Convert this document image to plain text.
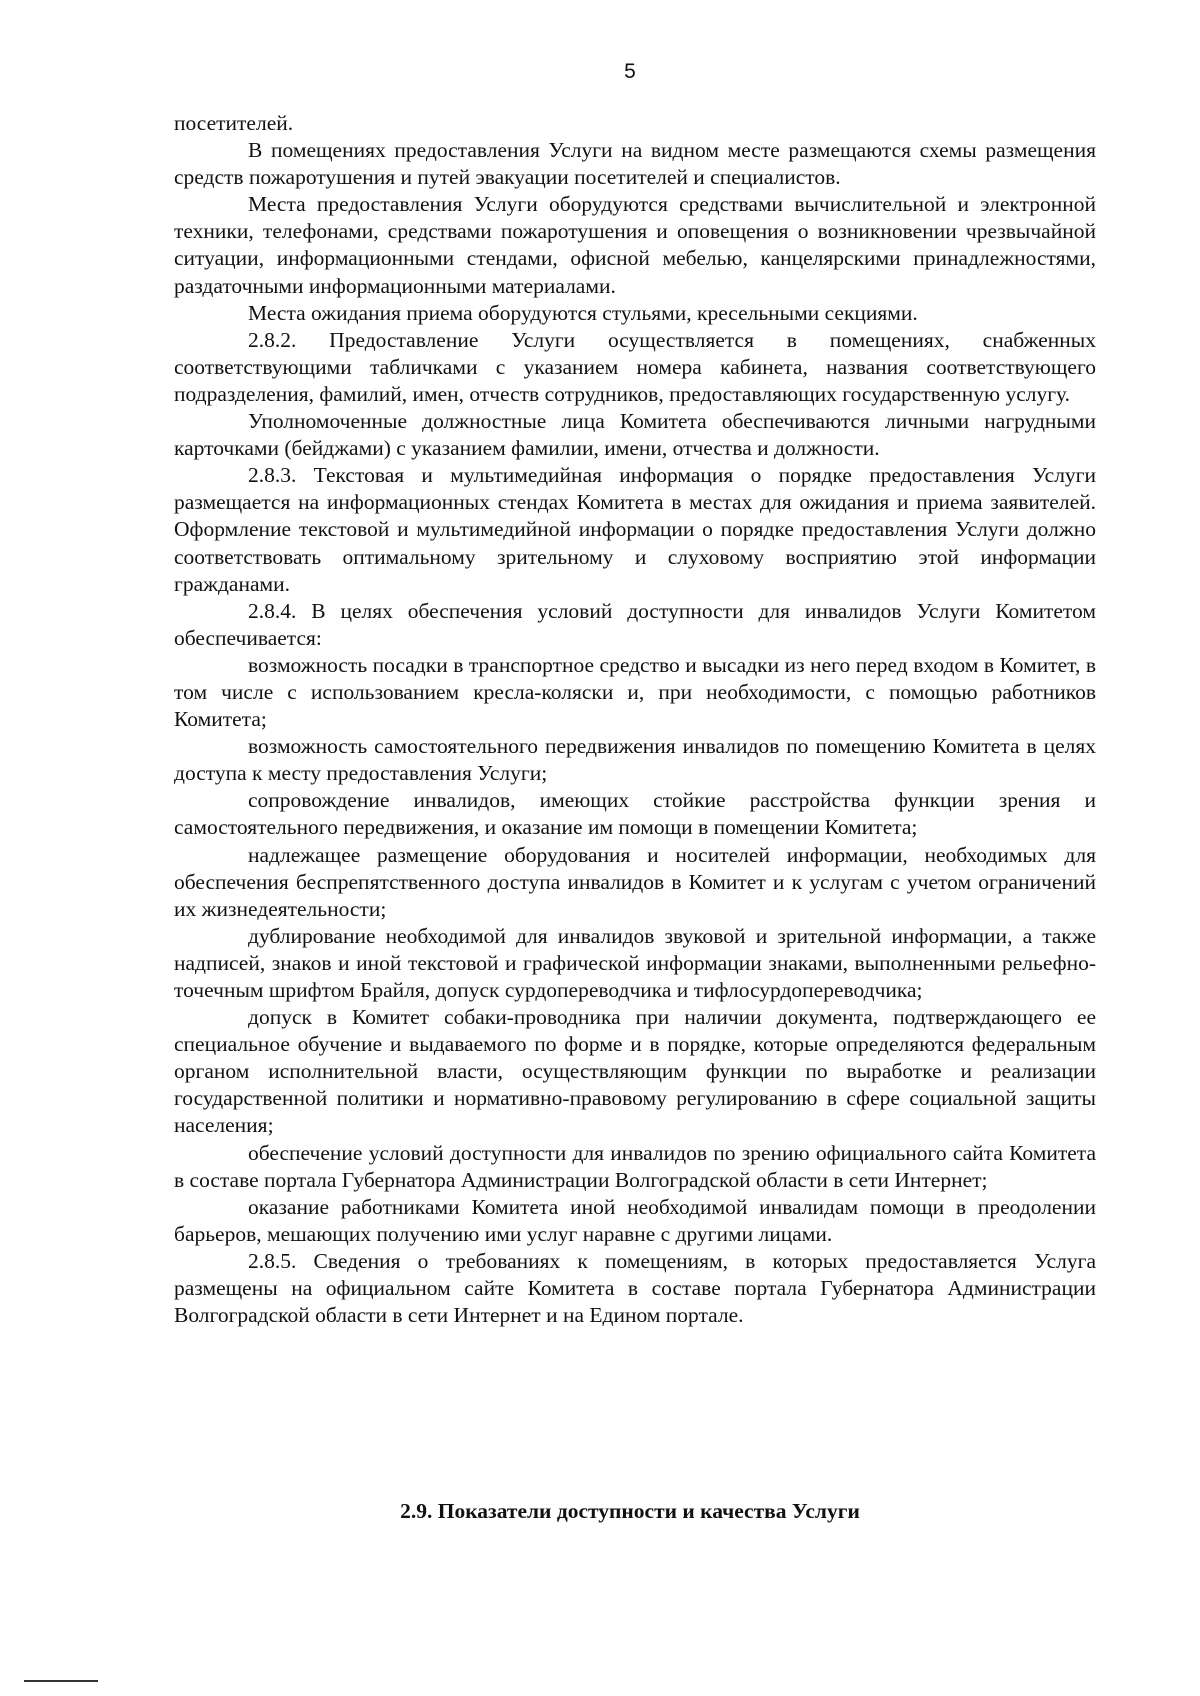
5

посетителей.

В помещениях предоставления Услуги на видном месте размещаются схемы размещения средств пожаротушения и путей эвакуации посетителей и специалистов.

Места предоставления Услуги оборудуются средствами вычислительной и электронной техники, телефонами, средствами пожаротушения и оповещения о возникновении чрезвычайной ситуации, информационными стендами, офисной мебелью, канцелярскими принадлежностями, раздаточными информационными материалами.

Места ожидания приема оборудуются стульями, кресельными секциями.

2.8.2. Предоставление Услуги осуществляется в помещениях, снабженных соответствующими табличками с указанием номера кабинета, названия соответствующего подразделения, фамилий, имен, отчеств сотрудников, предоставляющих государственную услугу.

Уполномоченные должностные лица Комитета обеспечиваются личными нагрудными карточками (бейджами) с указанием фамилии, имени, отчества и должности.

2.8.3. Текстовая и мультимедийная информация о порядке предоставления Услуги размещается на информационных стендах Комитета в местах для ожидания и приема заявителей. Оформление текстовой и мультимедийной информации о порядке предоставления Услуги должно соответствовать оптимальному зрительному и слуховому восприятию этой информации гражданами.

2.8.4. В целях обеспечения условий доступности для инвалидов Услуги Комитетом обеспечивается:

возможность посадки в транспортное средство и высадки из него перед входом в Комитет, в том числе с использованием кресла-коляски и, при необходимости, с помощью работников Комитета;

возможность самостоятельного передвижения инвалидов по помещению Комитета в целях доступа к месту предоставления Услуги;

сопровождение инвалидов, имеющих стойкие расстройства функции зрения и самостоятельного передвижения, и оказание им помощи в помещении Комитета;

надлежащее размещение оборудования и носителей информации, необходимых для обеспечения беспрепятственного доступа инвалидов в Комитет и к услугам с учетом ограничений их жизнедеятельности;

дублирование необходимой для инвалидов звуковой и зрительной информации, а также надписей, знаков и иной текстовой и графической информации знаками, выполненными рельефно-точечным шрифтом Брайля, допуск сурдопереводчика и тифлосурдопереводчика;

допуск в Комитет собаки-проводника при наличии документа, подтверждающего ее специальное обучение и выдаваемого по форме и в порядке, которые определяются федеральным органом исполнительной власти, осуществляющим функции по выработке и реализации государственной политики и нормативно-правовому регулированию в сфере социальной защиты населения;

обеспечение условий доступности для инвалидов по зрению официального сайта Комитета в составе портала Губернатора Администрации Волгоградской области в сети Интернет;

оказание работниками Комитета иной необходимой инвалидам помощи в преодолении барьеров, мешающих получению ими услуг наравне с другими лицами.

2.8.5. Сведения о требованиях к помещениям, в которых предоставляется Услуга размещены на официальном сайте Комитета в составе портала Губернатора Администрации Волгоградской области в сети Интернет и на Едином портале.

2.9. Показатели доступности и качества Услуги
